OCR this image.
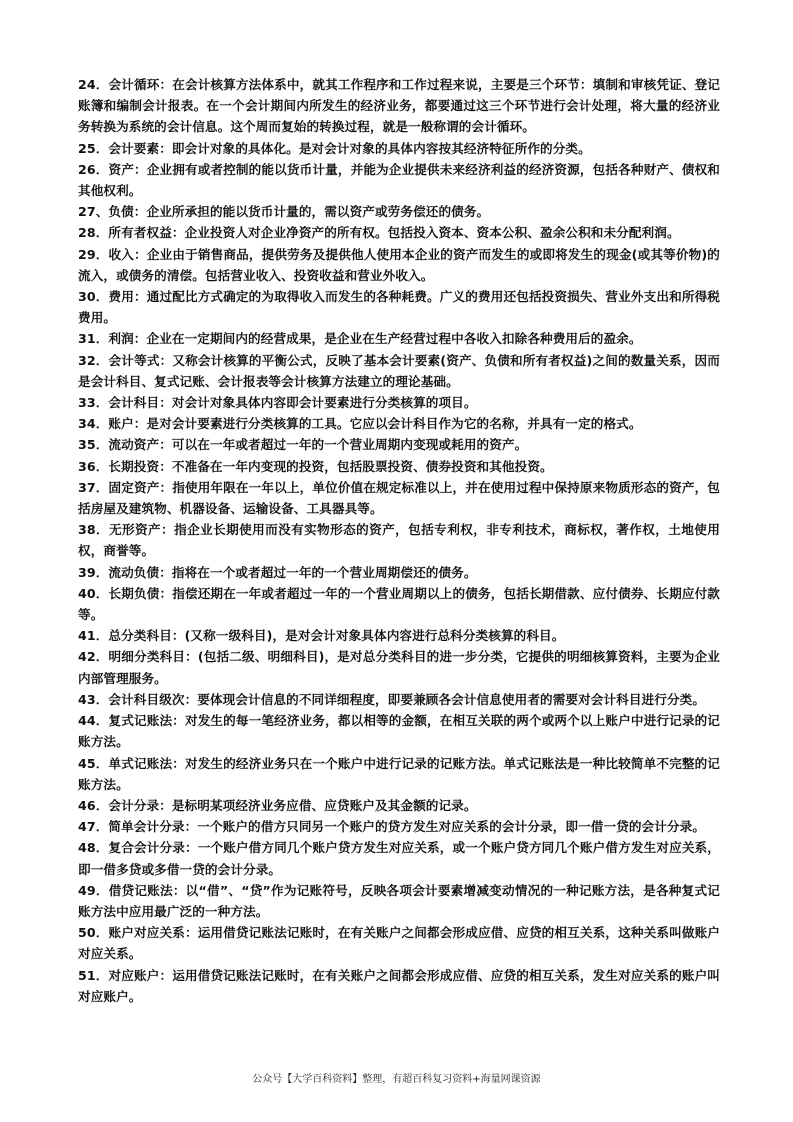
24．会计循环：在会计核算方法体系中，就其工作程序和工作过程来说，主要是三个环节：填制和审核凭证、登记账簿和编制会计报表。在一个会计期间内所发生的经济业务，都要通过这三个环节进行会计处理，将大量的经济业务转换为系统的会计信息。这个周而复始的转换过程，就是一般称谓的会计循环。

25．会计要素：即会计对象的具体化。是对会计对象的具体内容按其经济特征所作的分类。

26．资产：企业拥有或者控制的能以货币计量，并能为企业提供未来经济利益的经济资源，包括各种财产、债权和其他权利。

27、负债：企业所承担的能以货币计量的，需以资产或劳务偿还的债务。

28．所有者权益：企业投资人对企业净资产的所有权。包括投入资本、资本公积、盈余公积和未分配利润。

29．收入：企业由于销售商品，提供劳务及提供他人使用本企业的资产而发生的或即将发生的现金(或其等价物)的流入，或债务的清偿。包括营业收入、投资收益和营业外收入。

30．费用：通过配比方式确定的为取得收入而发生的各种耗费。广义的费用还包括投资损失、营业外支出和所得税费用。

31．利润：企业在一定期间内的经营成果，是企业在生产经营过程中各收入扣除各种费用后的盈余。

32．会计等式：又称会计核算的平衡公式，反映了基本会计要素(资产、负债和所有者权益)之间的数量关系，因而是会计科目、复式记账、会计报表等会计核算方法建立的理论基础。

33．会计科目：对会计对象具体内容即会计要素进行分类核算的项目。

34．账户：是对会计要素进行分类核算的工具。它应以会计科目作为它的名称，并具有一定的格式。

35．流动资产：可以在一年或者超过一年的一个营业周期内变现或耗用的资产。

36．长期投资：不准备在一年内变现的投资，包括股票投资、债券投资和其他投资。

37．固定资产：指使用年限在一年以上，单位价值在规定标准以上，并在使用过程中保持原来物质形态的资产，包括房屋及建筑物、机器设备、运输设备、工具器具等。

38．无形资产：指企业长期使用而没有实物形态的资产，包括专利权，非专利技术，商标权，著作权，土地使用权，商誉等。

39．流动负债：指将在一个或者超过一年的一个营业周期偿还的债务。

40．长期负债：指偿还期在一年或者超过一年的一个营业周期以上的债务，包括长期借款、应付债券、长期应付款等。

41．总分类科目：(又称一级科目)，是对会计对象具体内容进行总科分类核算的科目。

42．明细分类科目：(包括二级、明细科目)，是对总分类科目的进一步分类，它提供的明细核算资料，主要为企业内部管理服务。

43．会计科目级次：要体现会计信息的不同详细程度，即要兼顾各会计信息使用者的需要对会计科目进行分类。

44．复式记账法：对发生的每一笔经济业务，都以相等的金额，在相互关联的两个或两个以上账户中进行记录的记账方法。

45．单式记账法：对发生的经济业务只在一个账户中进行记录的记账方法。单式记账法是一种比较简单不完整的记账方法。

46．会计分录：是标明某项经济业务应借、应贷账户及其金额的记录。

47．简单会计分录：一个账户的借方只同另一个账户的贷方发生对应关系的会计分录，即一借一贷的会计分录。

48．复合会计分录：一个账户借方同几个账户贷方发生对应关系，或一个账户贷方同几个账户借方发生对应关系，即一借多贷或多借一贷的会计分录。

49．借贷记账法：以“借”、“贷”作为记账符号，反映各项会计要素增减变动情况的一种记账方法，是各种复式记账方法中应用最广泛的一种方法。

50．账户对应关系：运用借贷记账法记账时，在有关账户之间都会形成应借、应贷的相互关系，这种关系叫做账户对应关系。

51．对应账户：运用借贷记账法记账时，在有关账户之间都会形成应借、应贷的相互关系，发生对应关系的账户叫对应账户。

公众号【大学百科资料】整理，有超百科复习资料+海量网课资源
